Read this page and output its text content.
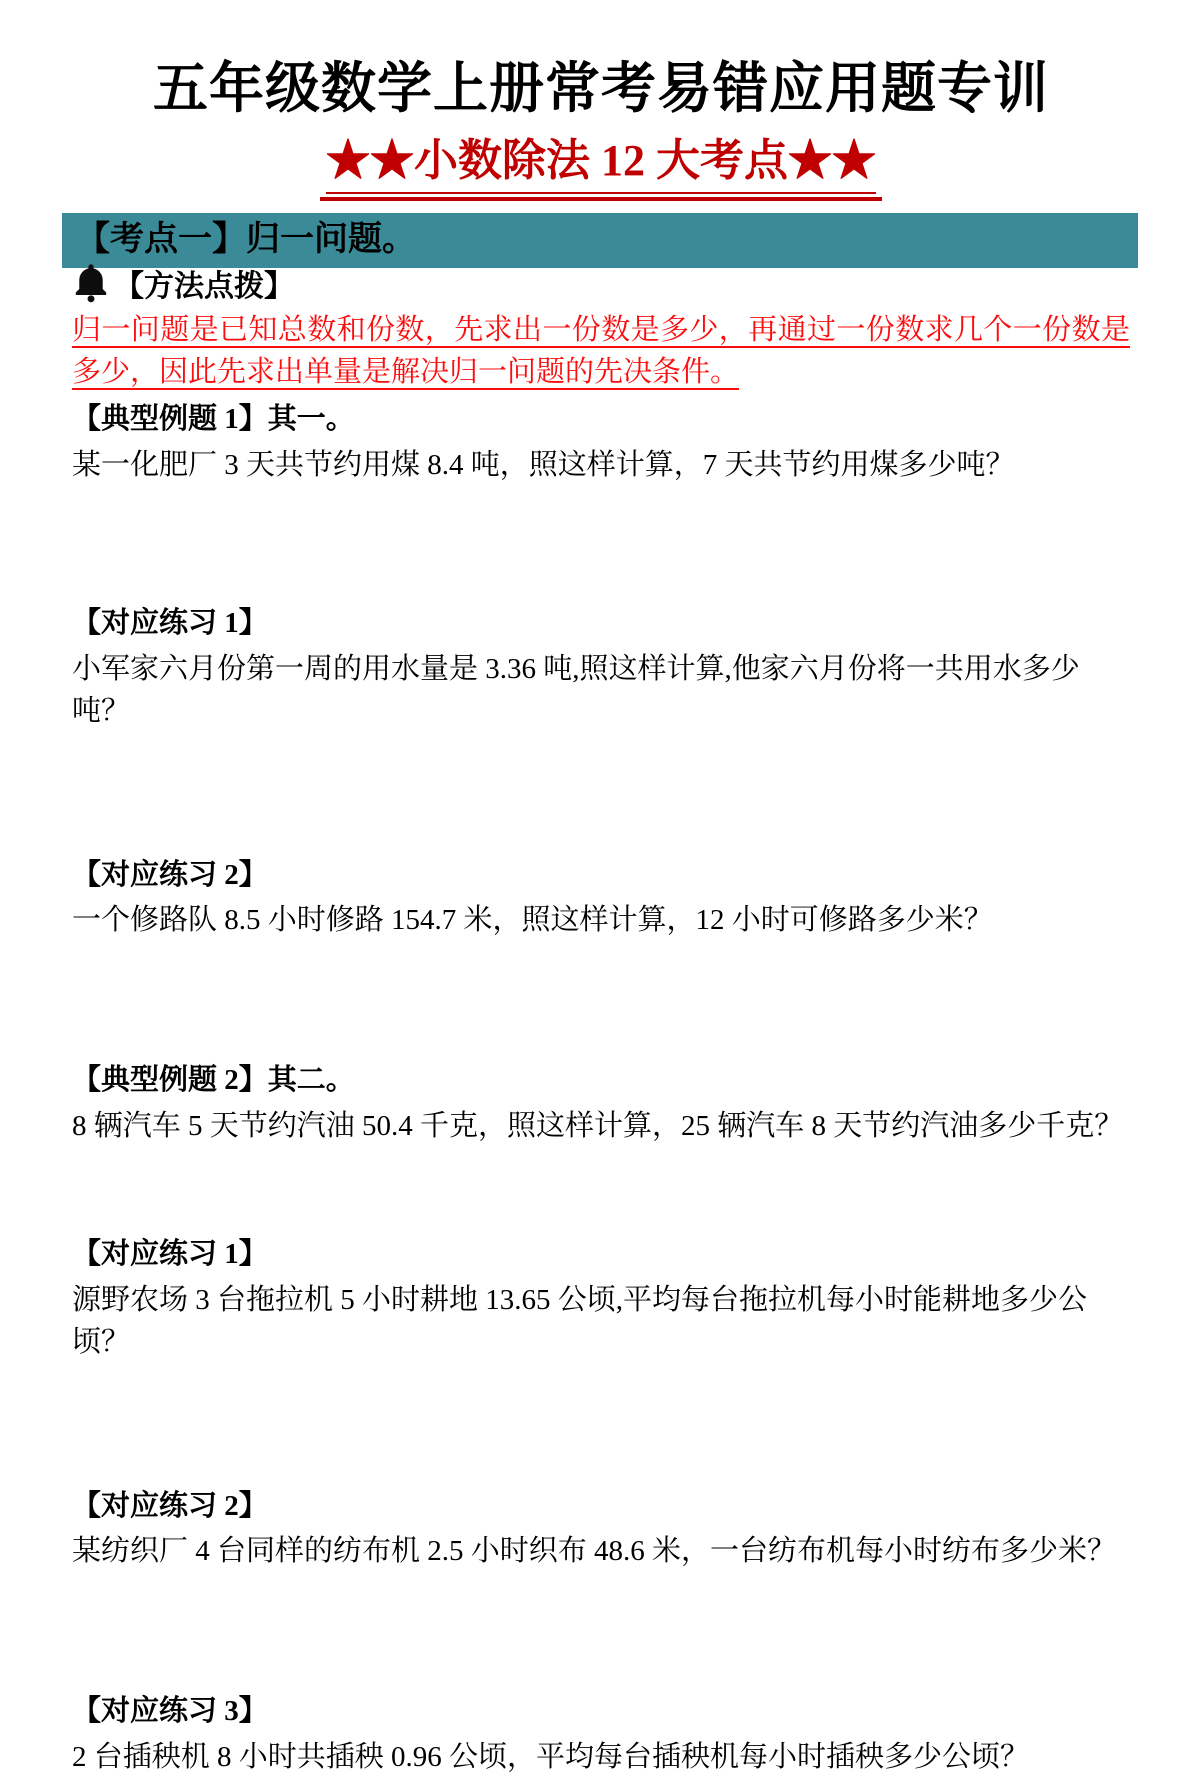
五年级数学上册常考易错应用题专训
★★小数除法 12 大考点★★
【考点一】归一问题。
【方法点拨】

归一问题是已知总数和份数，先求出一份数是多少，再通过一份数求几个一份数是多少，因此先求出单量是解决归一问题的先决条件。

【典型例题 1】其一。

某一化肥厂 3 天共节约用煤 8.4 吨，照这样计算，7 天共节约用煤多少吨？

【对应练习 1】

小军家六月份第一周的用水量是 3.36 吨,照这样计算,他家六月份将一共用水多少吨？

【对应练习 2】

一个修路队 8.5 小时修路 154.7 米，照这样计算，12 小时可修路多少米？

【典型例题 2】其二。

8 辆汽车 5 天节约汽油 50.4 千克，照这样计算，25 辆汽车 8 天节约汽油多少千克？

【对应练习 1】

源野农场 3 台拖拉机 5 小时耕地 13.65 公顷,平均每台拖拉机每小时能耕地多少公顷？

【对应练习 2】

某纺织厂 4 台同样的纺布机 2.5 小时织布 48.6 米，一台纺布机每小时纺布多少米？

【对应练习 3】

2 台插秧机 8 小时共插秧 0.96 公顷，平均每台插秧机每小时插秧多少公顷？
